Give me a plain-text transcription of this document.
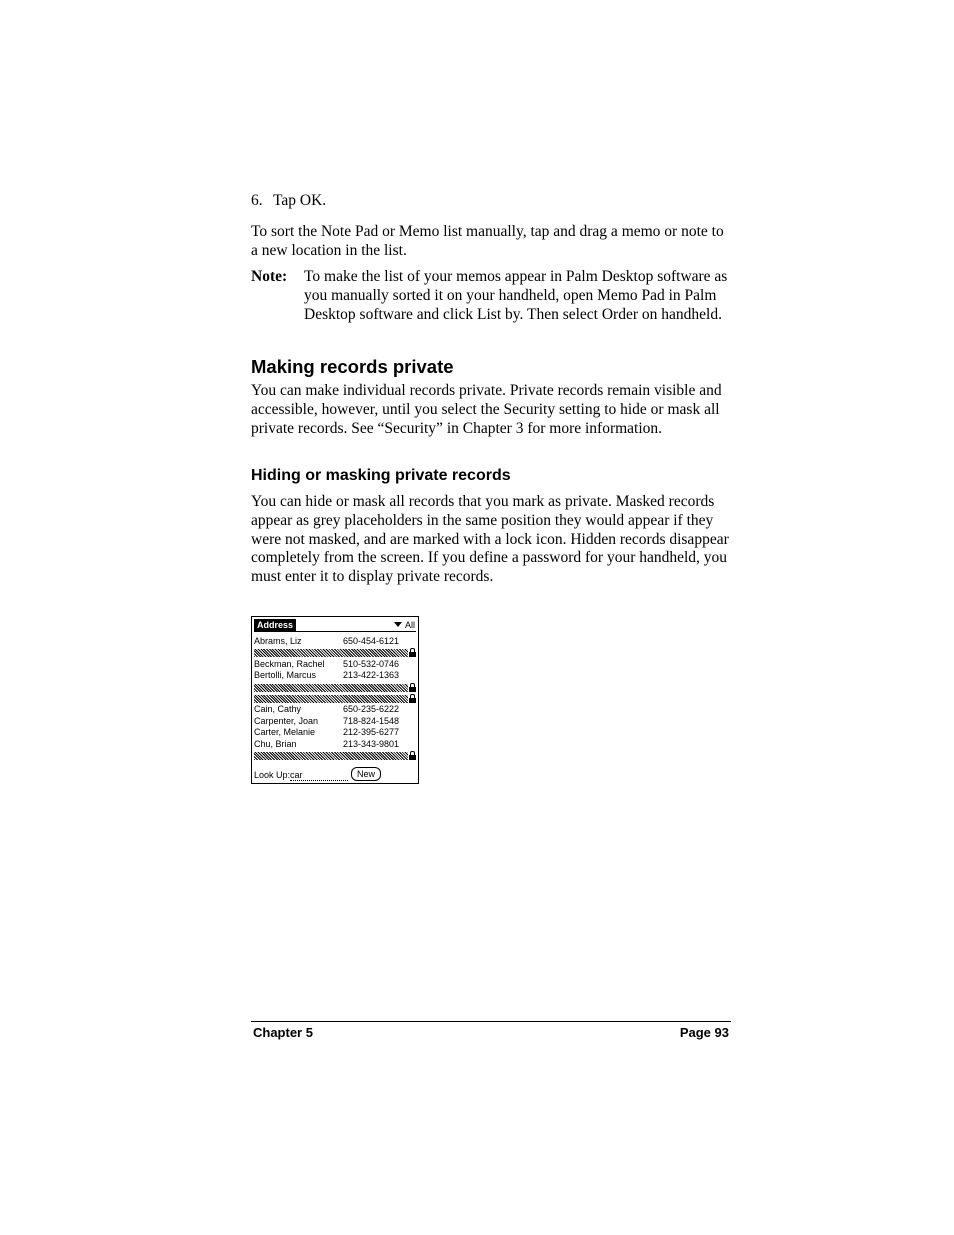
6. Tap OK.
To sort the Note Pad or Memo list manually, tap and drag a memo or note to a new location in the list.
Note: To make the list of your memos appear in Palm Desktop software as you manually sorted it on your handheld, open Memo Pad in Palm Desktop software and click List by. Then select Order on handheld.
Making records private
You can make individual records private. Private records remain visible and accessible, however, until you select the Security setting to hide or mask all private records. See “Security” in Chapter 3 for more information.
Hiding or masking private records
You can hide or mask all records that you mark as private. Masked records appear as grey placeholders in the same position they would appear if they were not masked, and are marked with a lock icon. Hidden records disappear completely from the screen. If you define a password for your handheld, you must enter it to display private records.
Address	All
Abrams, Liz	650-454-6121
Beckman, Rachel 510-532-0746
Bertolli, Marcus	213-422-1363
Cain, Cathy	650-235-6222
Carpenter, Joan	718-824-1548
Carter, Melanie	212-395-6277
Chu, Brian	213-343-9801
Look Up:car	New
Chapter 5	Page 93
